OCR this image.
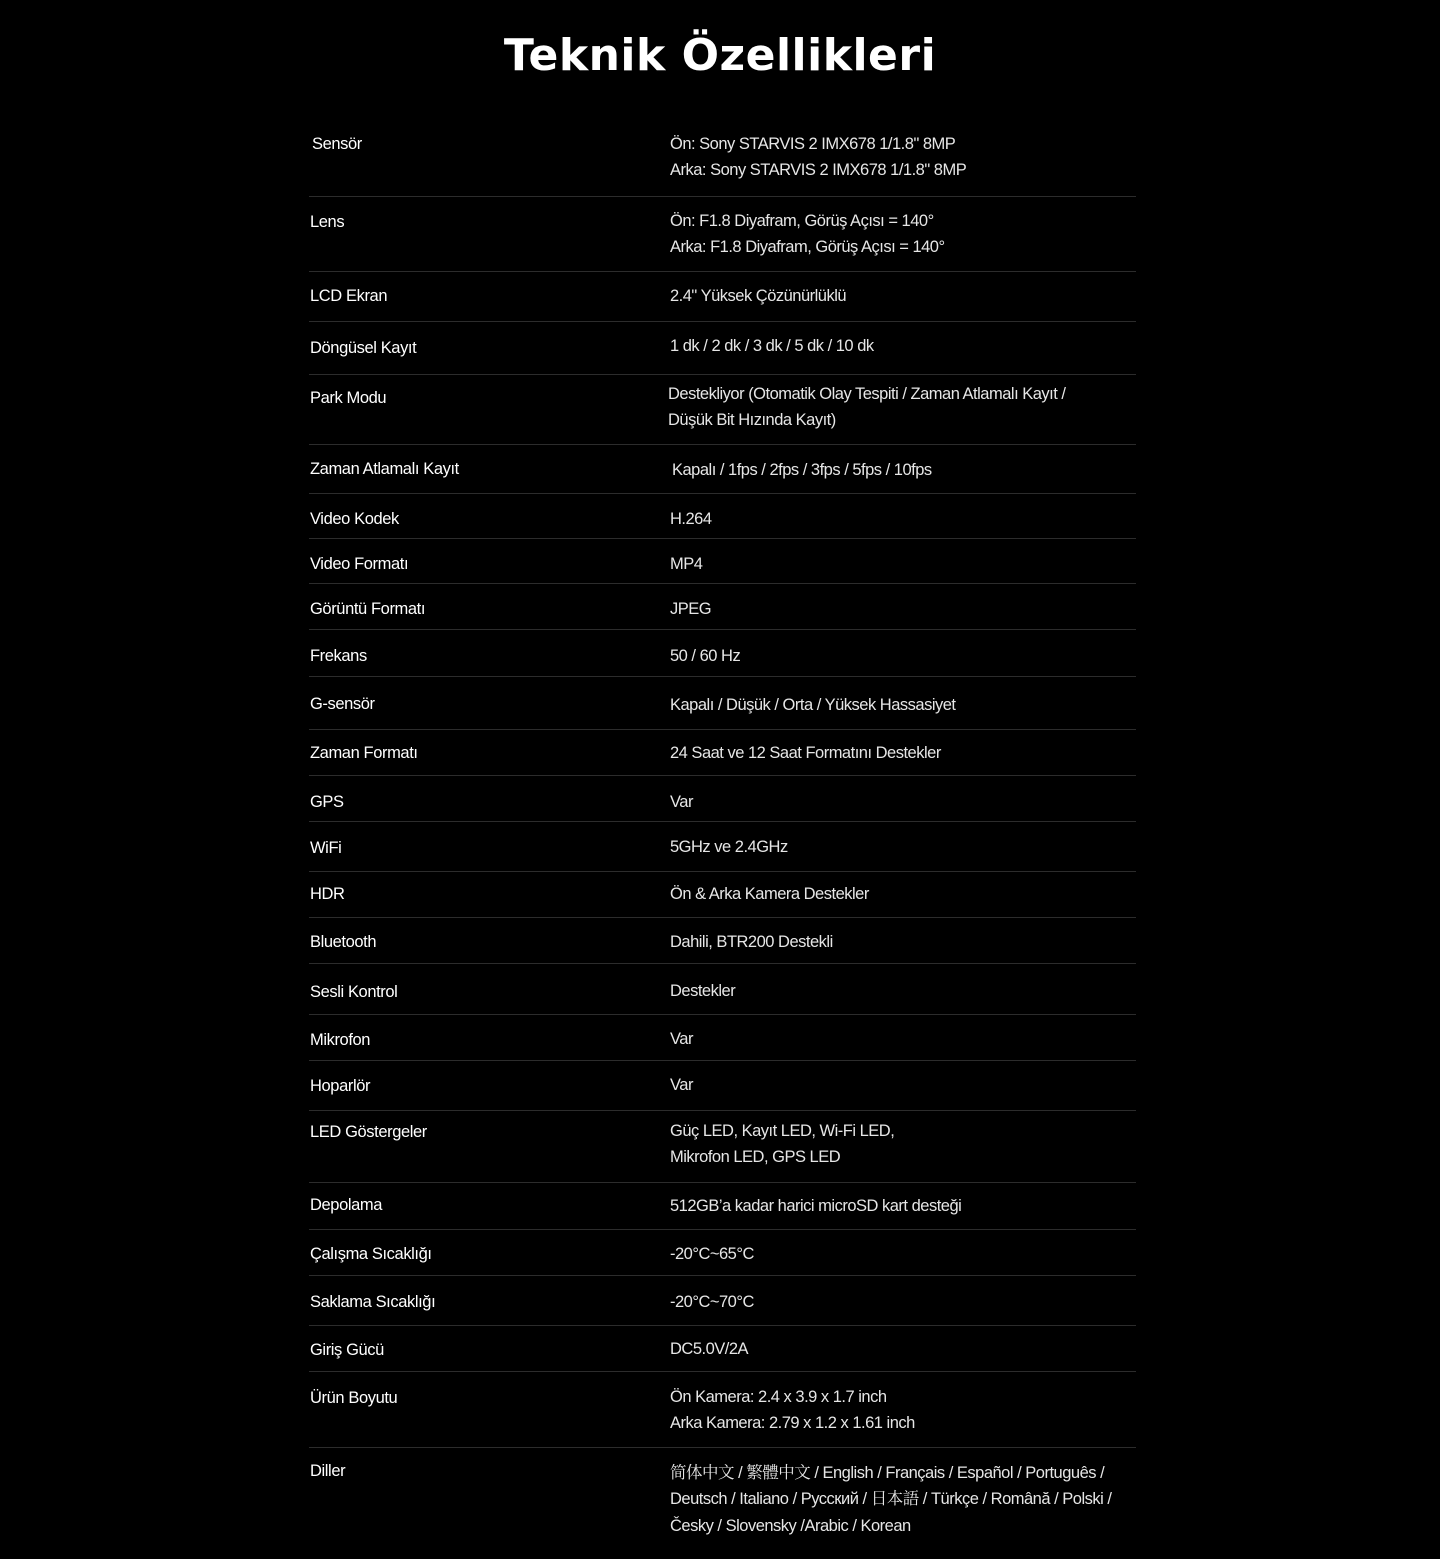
Teknik Özellikleri
Sensör	Ön: Sony STARVIS 2 IMX678 1/1.8" 8MP
Arka: Sony STARVIS 2 IMX678 1/1.8" 8MP
Lens	Ön: F1.8 Diyafram, Görüş Açısı = 140°
Arka: F1.8 Diyafram, Görüş Açısı = 140°
LCD Ekran	2.4" Yüksek Çözünürlüklü
Döngüsel Kayıt	1 dk / 2 dk / 3 dk / 5 dk / 10 dk
Park Modu	Destekliyor (Otomatik Olay Tespiti / Zaman Atlamalı Kayıt /
Düşük Bit Hızında Kayıt)
Zaman Atlamalı Kayıt	Kapalı / 1fps / 2fps / 3fps / 5fps / 10fps
Video Kodek	H.264
Video Formatı	MP4
Görüntü Formatı	JPEG
Frekans	50 / 60 Hz
G-sensör	Kapalı / Düşük / Orta / Yüksek Hassasiyet
Zaman Formatı	24 Saat ve 12 Saat Formatını Destekler
GPS	Var
WiFi	5GHz ve 2.4GHz
HDR	Ön & Arka Kamera Destekler
Bluetooth	Dahili, BTR200 Destekli
Sesli Kontrol	Destekler
Mikrofon	Var
Hoparlör	Var
LED Göstergeler	Güç LED, Kayıt LED, Wi-Fi LED,
Mikrofon LED, GPS LED
Depolama	512GB’a kadar harici microSD kart desteği
Çalışma Sıcaklığı	-20°C~65°C
Saklama Sıcaklığı	-20°C~70°C
Giriş Gücü	DC5.0V/2A
Ürün Boyutu	Ön Kamera: 2.4 x 3.9 x 1.7 inch
Arka Kamera: 2.79 x 1.2 x 1.61 inch
Diller	简体中文 / 繁體中文 / English / Français / Español / Português /
Deutsch / Italiano / Русский / 日本語 / Türkçe / Română / Polski /
Česky / Slovensky /Arabic / Korean
